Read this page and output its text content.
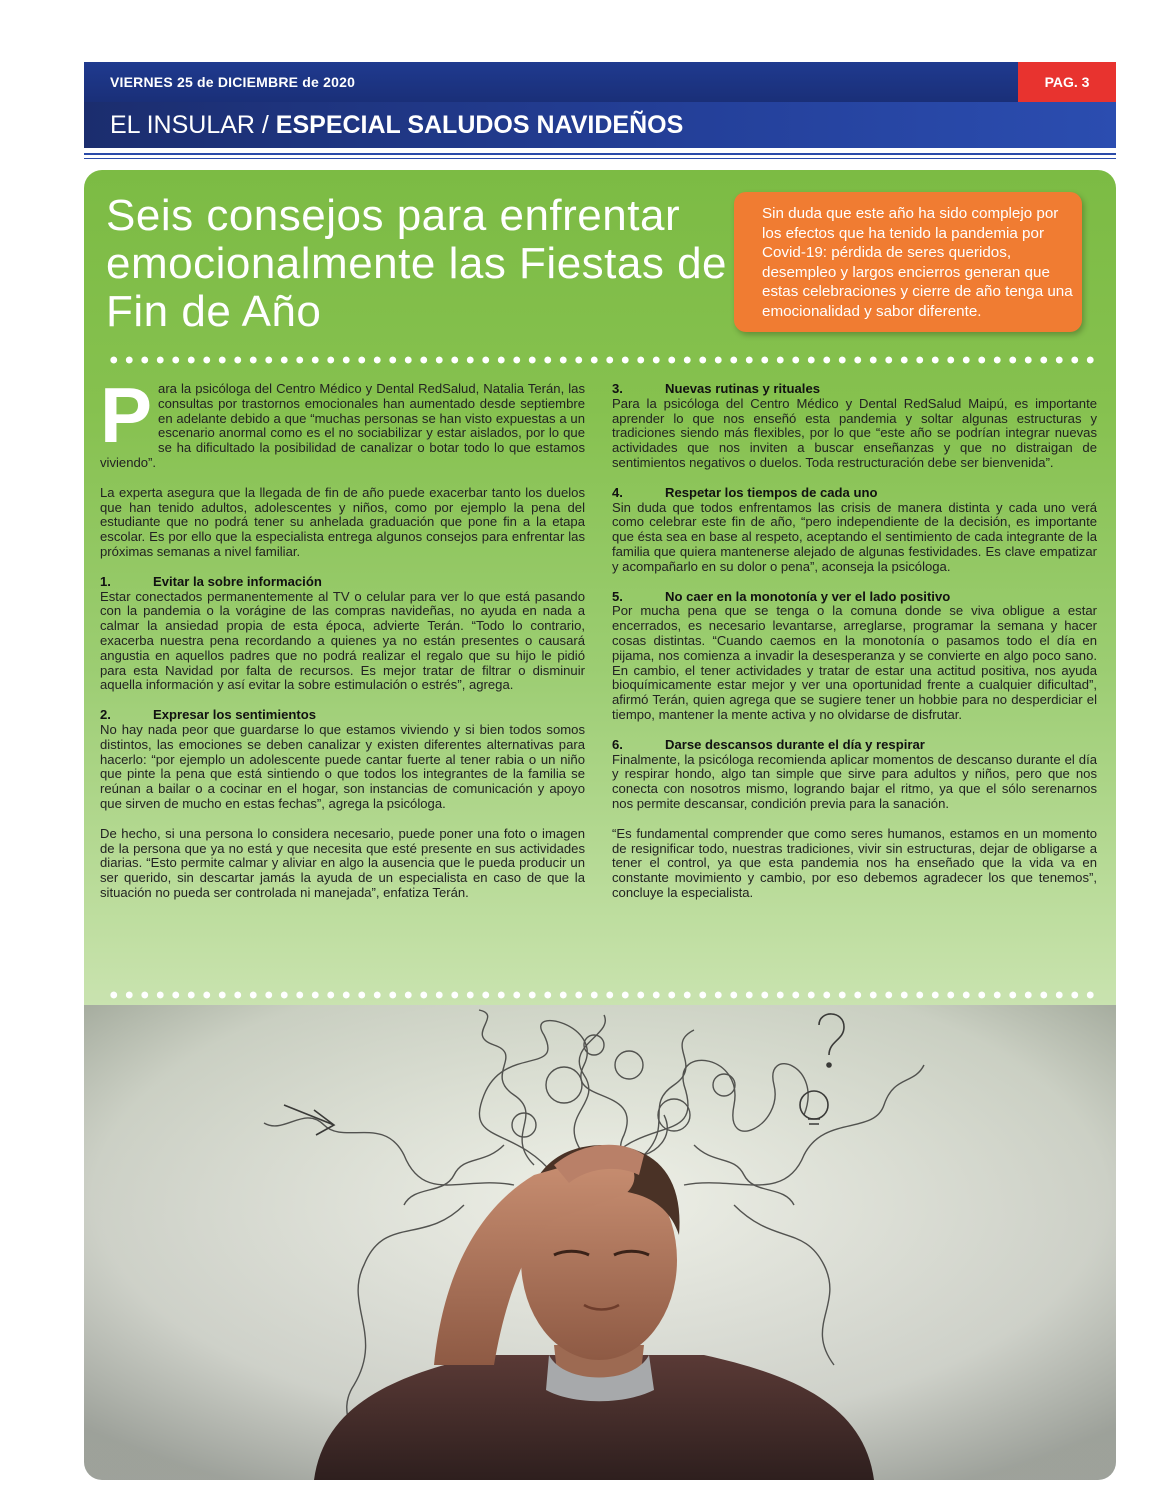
VIERNES 25 de DICIEMBRE de 2020	PAG. 3
EL INSULAR / ESPECIAL SALUDOS NAVIDEÑOS
Seis consejos para enfrentar emocionalmente las Fiestas de Fin de Año

Sin duda que este año ha sido complejo por los efectos que ha tenido la pandemia por Covid-19: pérdida de seres queridos, desempleo y largos encierros generan que estas celebraciones y cierre de año tenga una emocionalidad y sabor diferente.

Para la psicóloga del Centro Médico y Dental RedSalud, Natalia Terán, las consultas por trastornos emocionales han aumentado desde septiembre en adelante debido a que “muchas personas se han visto expuestas a un escenario anormal como es el no sociabilizar y estar aislados, por lo que se ha dificultado la posibilidad de canalizar o botar todo lo que estamos viviendo”.

La experta asegura que la llegada de fin de año puede exacerbar tanto los duelos que han tenido adultos, adolescentes y niños, como por ejemplo la pena del estudiante que no podrá tener su anhelada graduación que pone fin a la etapa escolar. Es por ello que la especialista entrega algunos consejos para enfrentar las próximas semanas a nivel familiar.

1.	Evitar la sobre información

Estar conectados permanentemente al TV o celular para ver lo que está pasando con la pandemia o la vorágine de las compras navideñas, no ayuda en nada a calmar la ansiedad propia de esta época, advierte Terán. “Todo lo contrario, exacerba nuestra pena recordando a quienes ya no están presentes o causará angustia en aquellos padres que no podrá realizar el regalo que su hijo le pidió para esta Navidad por falta de recursos. Es mejor tratar de filtrar o disminuir aquella información y así evitar la sobre estimulación o estrés”, agrega.

2.	Expresar los sentimientos

No hay nada peor que guardarse lo que estamos viviendo y si bien todos somos distintos, las emociones se deben canalizar y existen diferentes alternativas para hacerlo: “por ejemplo un adolescente puede cantar fuerte al tener rabia o un niño que pinte la pena que está sintiendo o que todos los integrantes de la familia se reúnan a bailar o a cocinar en el hogar, son instancias de comunicación y apoyo que sirven de mucho en estas fechas”, agrega la psicóloga.

De hecho, si una persona lo considera necesario, puede poner una foto o imagen de la persona que ya no está y que necesita que esté presente en sus actividades diarias. “Esto permite calmar y aliviar en algo la ausencia que le pueda producir un ser querido, sin descartar jamás la ayuda de un especialista en caso de que la situación no pueda ser controlada ni manejada”, enfatiza Terán.

3.	Nuevas rutinas y rituales

Para la psicóloga del Centro Médico y Dental RedSalud Maipú, es importante aprender lo que nos enseñó esta pandemia y soltar algunas estructuras y tradiciones siendo más flexibles, por lo que “este año se podrían integrar nuevas actividades que nos inviten a buscar enseñanzas y que no distraigan de sentimientos negativos o duelos. Toda restructuración debe ser bienvenida”.

4.	Respetar los tiempos de cada uno

Sin duda que todos enfrentamos las crisis de manera distinta y cada uno verá como celebrar este fin de año, “pero independiente de la decisión, es importante que ésta sea en base al respeto, aceptando el sentimiento de cada integrante de la familia que quiera mantenerse alejado de algunas festividades. Es clave empatizar y acompañarlo en su dolor o pena”, aconseja la psicóloga.

5.	No caer en la monotonía y ver el lado positivo

Por mucha pena que se tenga o la comuna donde se viva obligue a estar encerrados, es necesario levantarse, arreglarse, programar la semana y hacer cosas distintas. “Cuando caemos en la monotonía o pasamos todo el día en pijama, nos comienza a invadir la desesperanza y se convierte en algo poco sano. En cambio, el tener actividades y tratar de estar una actitud positiva, nos ayuda bioquímicamente estar mejor y ver una oportunidad frente a cualquier dificultad”, afirmó Terán, quien agrega que se sugiere tener un hobbie para no desperdiciar el tiempo, mantener la mente activa y no olvidarse de disfrutar.

6.	Darse descansos durante el día y respirar

Finalmente, la psicóloga recomienda aplicar momentos de descanso durante el día y respirar hondo, algo tan simple que sirve para adultos y niños, pero que nos conecta con nosotros mismo, logrando bajar el ritmo, ya que el sólo serenarnos nos permite descansar, condición previa para la sanación.

“Es fundamental comprender que como seres humanos, estamos en un momento de resignificar todo, nuestras tradiciones, vivir sin estructuras, dejar de obligarse a tener el control, ya que esta pandemia nos ha enseñado que la vida va en constante movimiento y cambio, por eso debemos agradecer los que tenemos”, concluye la especialista.
